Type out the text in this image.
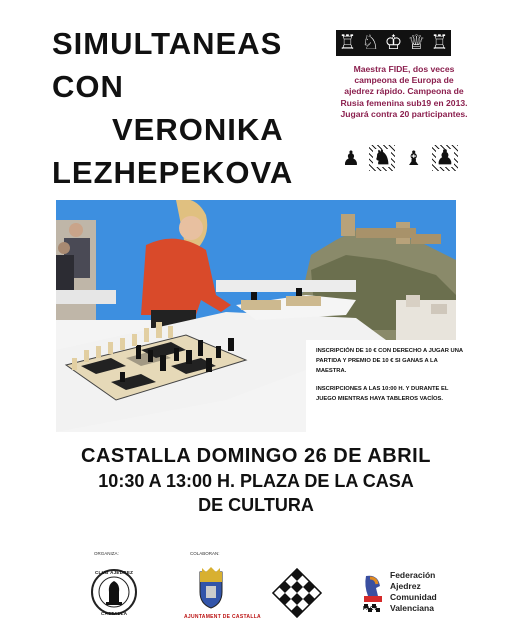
SIMULTANEAS
CON
VERONIKA
LEZHEPEKOVA
♖ ♘ ♔ ♕ ♖
Maestra FIDE, dos veces campeona de Europa de ajedrez rápido. Campeona de Rusia femenina sub19 en 2013. Jugará contra 20 participantes.
♟ ♞ ♝ ♟

INSCRIPCIÓN DE 10 € CON DERECHO A JUGAR UNA PARTIDA Y PREMIO DE 10 € SI GANAS A LA MAESTRA.

INSCRIPCIONES A LAS 10:00 H. Y DURANTE EL JUEGO MIENTRAS HAYA TABLEROS VACÍOS.

CASTALLA DOMINGO 26 DE ABRIL
10:30 A 13:00 H. PLAZA DE LA CASA
DE CULTURA
ORGANIZA:	COLABORAN:
CLUB AJEDREZ
CASTALLA
AJUNTAMENT DE CASTALLA
FACV
Federación
Ajedrez
Comunidad
Valenciana
